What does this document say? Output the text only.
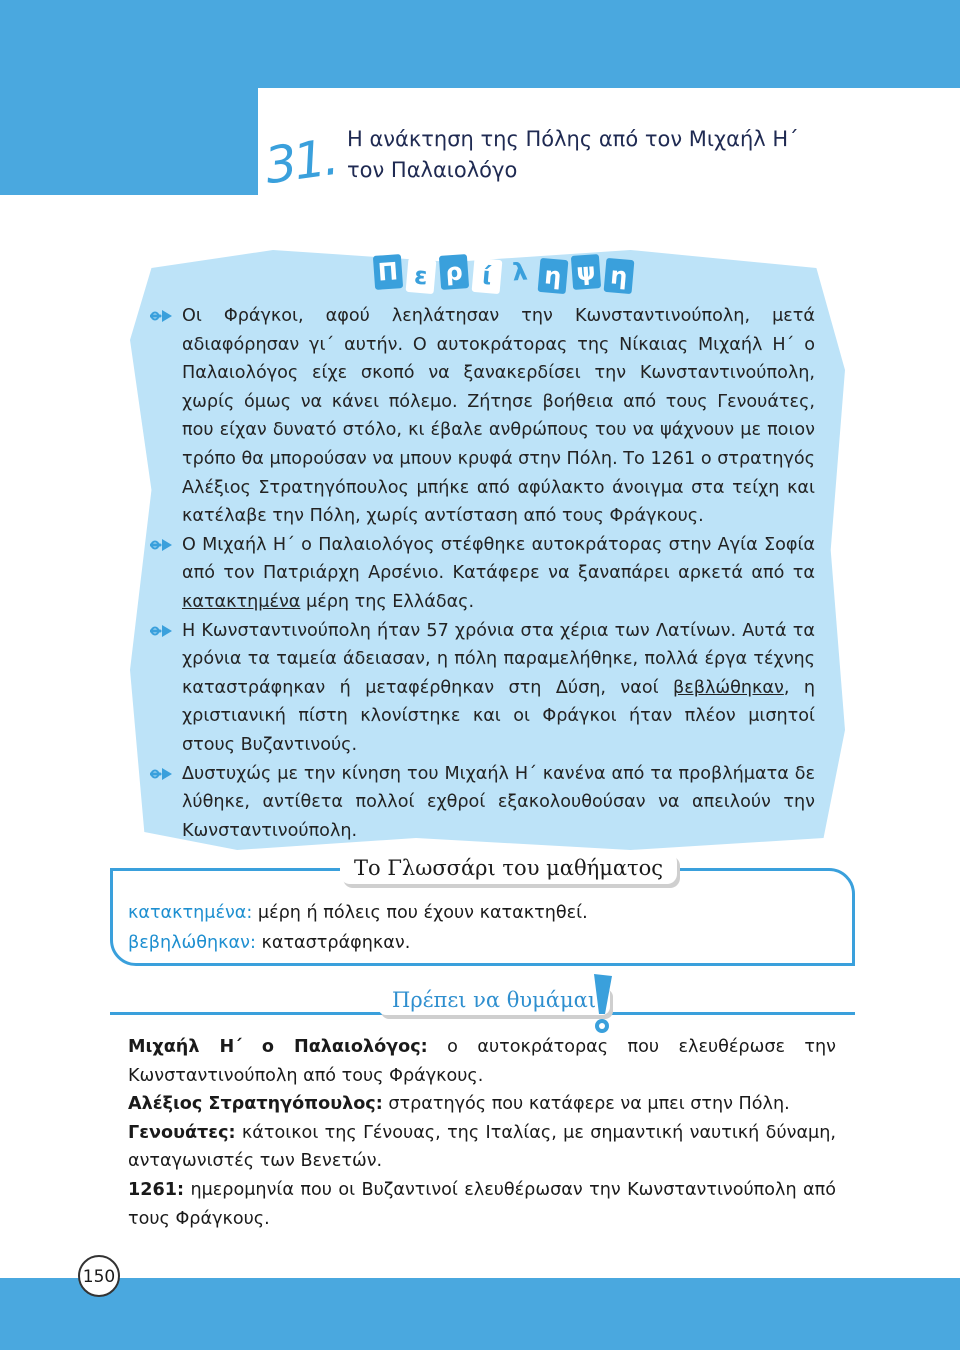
31. Η ανάκτηση της Πόλης από τον Μιχαήλ Η΄
τον Παλαιολόγο
Π ε ρ ί λ η ψ η
Οι Φράγκοι, αφού λεηλάτησαν την Κωνσταντινούπολη, μετά αδιαφόρησαν γι΄ αυτήν. Ο αυτοκράτορας της Νίκαιας Μιχαήλ Η΄ ο Παλαιολόγος είχε σκοπό να ξανακερδίσει την Κωνσταντινούπολη, χωρίς όμως να κάνει πόλεμο. Ζήτησε βοήθεια από τους Γενουάτες, που είχαν δυνατό στόλο, κι έβαλε ανθρώπους του να ψάχνουν με ποιον τρόπο θα μπορούσαν να μπουν κρυφά στην Πόλη. Το 1261 ο στρατηγός Αλέξιος Στρατηγόπουλος μπήκε από αφύλακτο άνοιγμα στα τείχη και κατέλαβε την Πόλη, χωρίς αντίσταση από τους Φράγκους.
Ο Μιχαήλ Η΄ ο Παλαιολόγος στέφθηκε αυτοκράτορας στην Αγία Σοφία από τον Πατριάρχη Αρσένιο. Κατάφερε να ξαναπάρει αρκετά από τα κατακτημένα μέρη της Ελλάδας.
Η Κωνσταντινούπολη ήταν 57 χρόνια στα χέρια των Λατίνων. Αυτά τα χρόνια τα ταμεία άδειασαν, η πόλη παραμελήθηκε, πολλά έργα τέχνης καταστράφηκαν ή μεταφέρθηκαν στη Δύση, ναοί βεβλώθηκαν, η χριστιανική πίστη κλονίστηκε και οι Φράγκοι ήταν πλέον μισητοί στους Βυζαντινούς.
Δυστυχώς με την κίνηση του Μιχαήλ Η΄ κανένα από τα προβλήματα δε λύθηκε, αντίθετα πολλοί εχθροί εξακολουθούσαν να απειλούν την Κωνσταντινούπολη.
Το Γλωσσάρι του μαθήματος
κατακτημένα: μέρη ή πόλεις που έχουν κατακτηθεί.
βεβηλώθηκαν: καταστράφηκαν.
Πρέπει να θυμάμαι
Μιχαήλ Η΄ ο Παλαιολόγος: ο αυτοκράτορας που ελευθέρωσε την Κωνσταντινούπολη από τους Φράγκους.
Αλέξιος Στρατηγόπουλος: στρατηγός που κατάφερε να μπει στην Πόλη.
Γενουάτες: κάτοικοι της Γένουας, της Ιταλίας, με σημαντική ναυτική δύναμη, ανταγωνιστές των Βενετών.
1261: ημερομηνία που οι Βυζαντινοί ελευθέρωσαν την Κωνσταντινούπολη από τους Φράγκους.
150
